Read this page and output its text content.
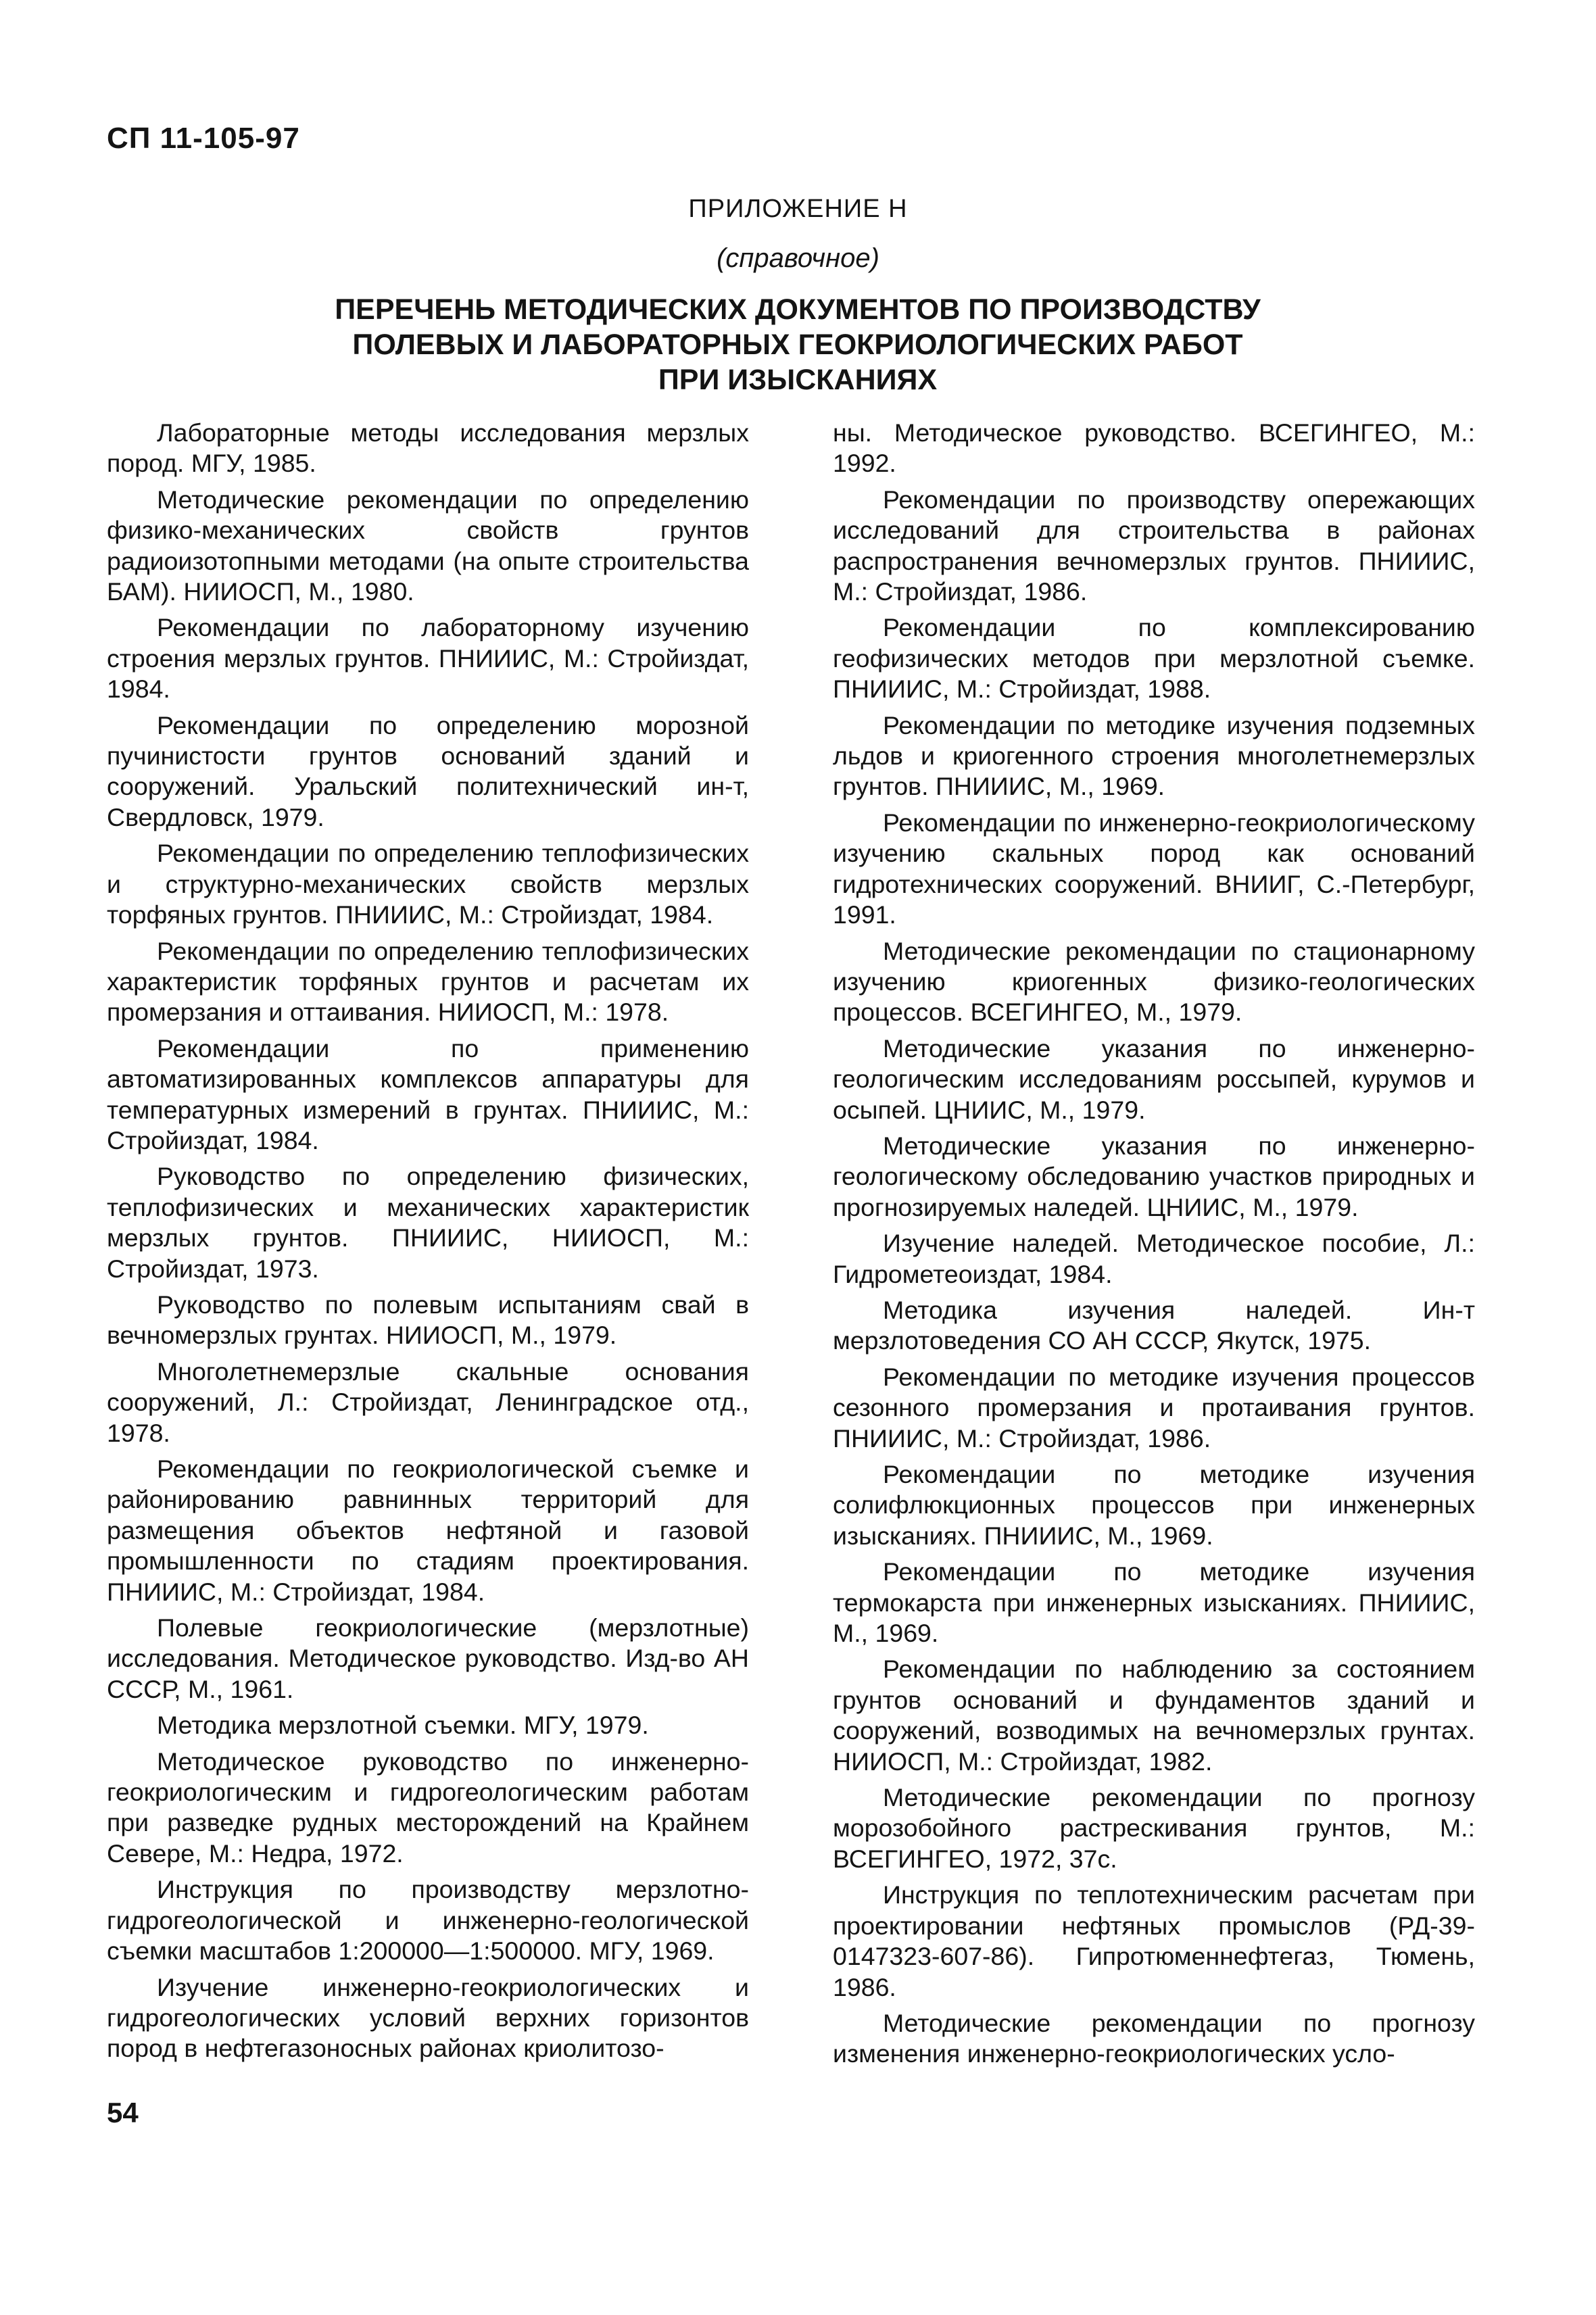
СП 11-105-97
ПРИЛОЖЕНИЕ Н
(справочное)
ПЕРЕЧЕНЬ МЕТОДИЧЕСКИХ ДОКУМЕНТОВ ПО ПРОИЗВОДСТВУ
ПОЛЕВЫХ И ЛАБОРАТОРНЫХ ГЕОКРИОЛОГИЧЕСКИХ РАБОТ
ПРИ ИЗЫСКАНИЯХ

Лабораторные методы исследования мерзлых пород. МГУ, 1985.

Методические рекомендации по определению физико-механических свойств грунтов радиоизотопными методами (на опыте строительства БАМ). НИИОСП, М., 1980.

Рекомендации по лабораторному изучению строения мерзлых грунтов. ПНИИИС, М.: Стройиздат, 1984.

Рекомендации по определению морозной пучинистости грунтов оснований зданий и сооружений. Уральский политехнический ин-т, Свердловск, 1979.

Рекомендации по определению теплофизических и структурно-механических свойств мерзлых торфяных грунтов. ПНИИИС, М.: Стройиздат, 1984.

Рекомендации по определению теплофизических характеристик торфяных грунтов и расчетам их промерзания и оттаивания. НИИОСП, М.: 1978.

Рекомендации по применению автоматизированных комплексов аппаратуры для температурных измерений в грунтах. ПНИИИС, М.: Стройиздат, 1984.

Руководство по определению физических, теплофизических и механических характеристик мерзлых грунтов. ПНИИИС, НИИОСП, М.: Стройиздат, 1973.

Руководство по полевым испытаниям свай в вечномерзлых грунтах. НИИОСП, М., 1979.

Многолетнемерзлые скальные основания сооружений, Л.: Стройиздат, Ленинградское отд., 1978.

Рекомендации по геокриологической съемке и районированию равнинных территорий для размещения объектов нефтяной и газовой промышленности по стадиям проектирования. ПНИИИС, М.: Стройиздат, 1984.

Полевые геокриологические (мерзлотные) исследования. Методическое руководство. Изд-во АН СССР, М., 1961.

Методика мерзлотной съемки. МГУ, 1979.

Методическое руководство по инженерно-геокриологическим и гидрогеологическим работам при разведке рудных месторождений на Крайнем Севере, М.: Недра, 1972.

Инструкция по производству мерзлотно-гидрогеологической и инженерно-геологической съемки масштабов 1:200000—1:500000. МГУ, 1969.

Изучение инженерно-геокриологических и гидрогеологических условий верхних горизонтов пород в нефтегазоносных районах криолитозо-

ны. Методическое руководство. ВСЕГИНГЕО, М.: 1992.

Рекомендации по производству опережающих исследований для строительства в районах распространения вечномерзлых грунтов. ПНИИИС, М.: Стройиздат, 1986.

Рекомендации по комплексированию геофизических методов при мерзлотной съемке. ПНИИИС, М.: Стройиздат, 1988.

Рекомендации по методике изучения подземных льдов и криогенного строения многолетнемерзлых грунтов. ПНИИИС, М., 1969.

Рекомендации по инженерно-геокриологическому изучению скальных пород как оснований гидротехнических сооружений. ВНИИГ, С.-Петербург, 1991.

Методические рекомендации по стационарному изучению криогенных физико-геологических процессов. ВСЕГИНГЕО, М., 1979.

Методические указания по инженерно-геологическим исследованиям россыпей, курумов и осыпей. ЦНИИС, М., 1979.

Методические указания по инженерно-геологическому обследованию участков природных и прогнозируемых наледей. ЦНИИС, М., 1979.

Изучение наледей. Методическое пособие, Л.: Гидрометеоиздат, 1984.

Методика изучения наледей. Ин-т мерзлотоведения СО АН СССР, Якутск, 1975.

Рекомендации по методике изучения процессов сезонного промерзания и протаивания грунтов. ПНИИИС, М.: Стройиздат, 1986.

Рекомендации по методике изучения солифлюкционных процессов при инженерных изысканиях. ПНИИИС, М., 1969.

Рекомендации по методике изучения термокарста при инженерных изысканиях. ПНИИИС, М., 1969.

Рекомендации по наблюдению за состоянием грунтов оснований и фундаментов зданий и сооружений, возводимых на вечномерзлых грунтах. НИИОСП, М.: Стройиздат, 1982.

Методические рекомендации по прогнозу морозобойного растрескивания грунтов, М.: ВСЕГИНГЕО, 1972, 37с.

Инструкция по теплотехническим расчетам при проектировании нефтяных промыслов (РД-39-0147323-607-86). Гипротюменнефтегаз, Тюмень, 1986.

Методические рекомендации по прогнозу изменения инженерно-геокриологических усло-

54
